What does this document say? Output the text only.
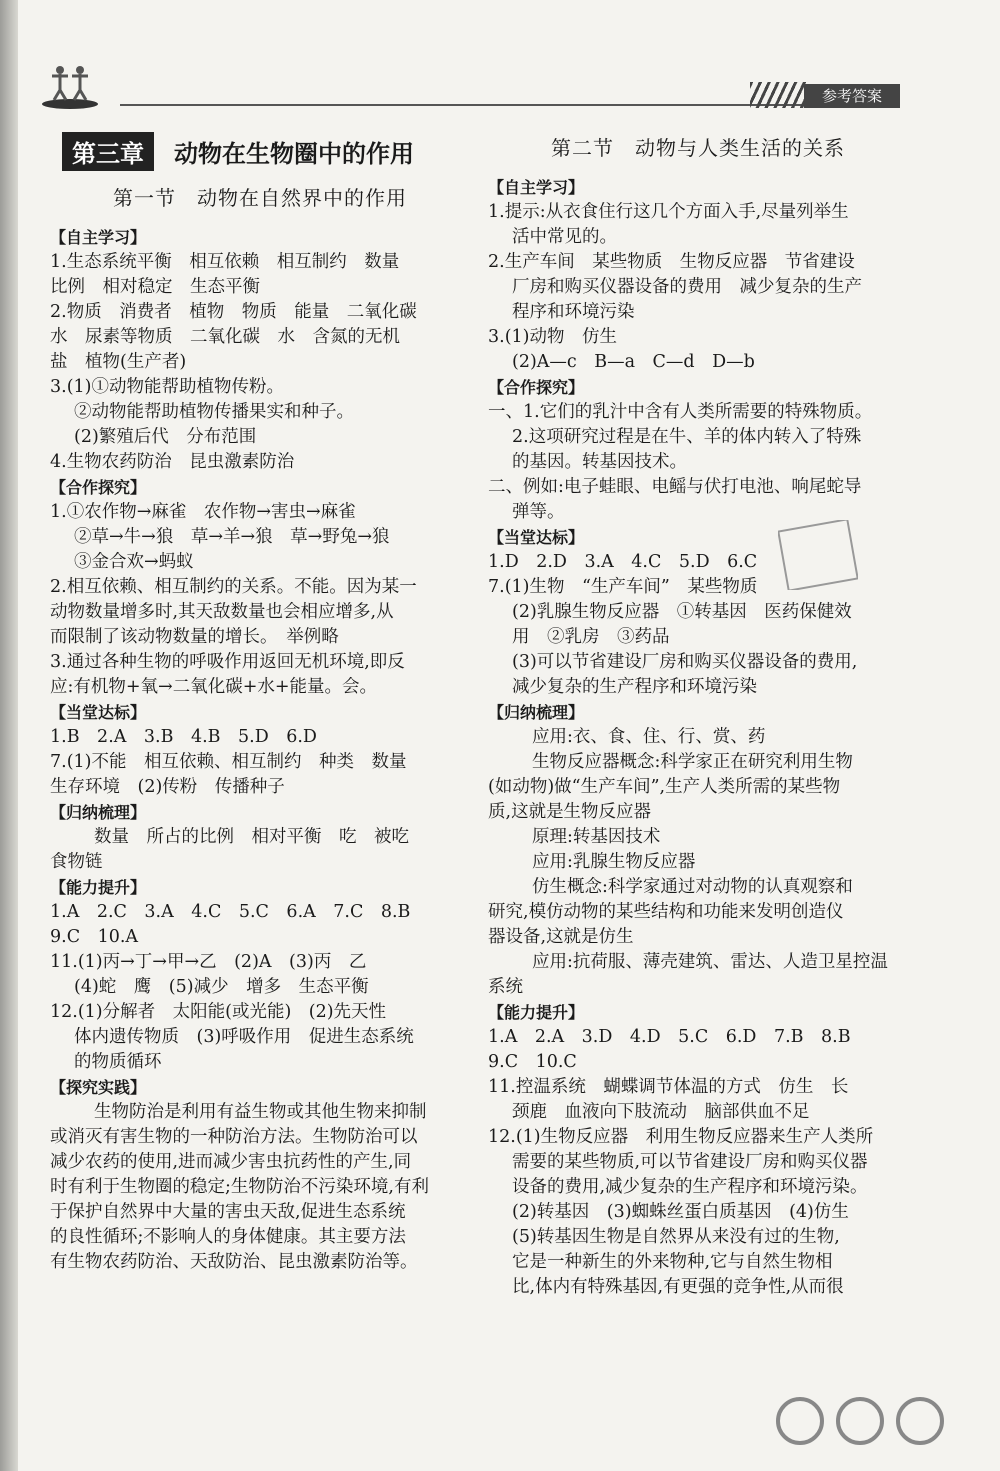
参考答案
第三章	动物在生物圈中的作用
第一节　动物在自然界中的作用
【自主学习】
1.生态系统平衡　相互依赖　相互制约　数量
比例　相对稳定　生态平衡
2.物质　消费者　植物　物质　能量　二氧化碳
水　尿素等物质　二氧化碳　水　含氮的无机
盐　植物(生产者)
3.(1)①动物能帮助植物传粉。
②动物能帮助植物传播果实和种子。
(2)繁殖后代　分布范围
4.生物农药防治　昆虫激素防治
【合作探究】
1.①农作物→麻雀　农作物→害虫→麻雀
②草→牛→狼　草→羊→狼　草→野兔→狼
③金合欢→蚂蚁
2.相互依赖、相互制约的关系。不能。因为某一
动物数量增多时,其天敌数量也会相应增多,从
而限制了该动物数量的增长。　举例略
3.通过各种生物的呼吸作用返回无机环境,即反
应:有机物+氧→二氧化碳+水+能量。会。
【当堂达标】
1.B　2.A　3.B　4.B　5.D　6.D
7.(1)不能　相互依赖、相互制约　种类　数量
生存环境　(2)传粉　传播种子
【归纳梳理】
数量　所占的比例　相对平衡　吃　被吃
食物链
【能力提升】
1.A　2.C　3.A　4.C　5.C　6.A　7.C　8.B
9.C　10.A
11.(1)丙→丁→甲→乙　(2)A　(3)丙　乙
(4)蛇　鹰　(5)减少　增多　生态平衡
12.(1)分解者　太阳能(或光能)　(2)先天性
体内遗传物质　(3)呼吸作用　促进生态系统
的物质循环
【探究实践】
生物防治是利用有益生物或其他生物来抑制
或消灭有害生物的一种防治方法。生物防治可以
减少农药的使用,进而减少害虫抗药性的产生,同
时有利于生物圈的稳定;生物防治不污染环境,有利
于保护自然界中大量的害虫天敌,促进生态系统
的良性循环;不影响人的身体健康。其主要方法
有生物农药防治、天敌防治、昆虫激素防治等。
第二节　动物与人类生活的关系
【自主学习】
1.提示:从衣食住行这几个方面入手,尽量列举生
活中常见的。
2.生产车间　某些物质　生物反应器　节省建设
厂房和购买仪器设备的费用　减少复杂的生产
程序和环境污染
3.(1)动物　仿生
(2)A—c　B—a　C—d　D—b
【合作探究】
一、1.它们的乳汁中含有人类所需要的特殊物质。
2.这项研究过程是在牛、羊的体内转入了特殊
的基因。转基因技术。
二、例如:电子蛙眼、电鳐与伏打电池、响尾蛇导
弹等。
【当堂达标】
1.D　2.D　3.A　4.C　5.D　6.C
7.(1)生物　“生产车间”　某些物质
(2)乳腺生物反应器　①转基因　医药保健效
用　②乳房　③药品
(3)可以节省建设厂房和购买仪器设备的费用,
减少复杂的生产程序和环境污染
【归纳梳理】
应用:衣、食、住、行、赏、药
生物反应器概念:科学家正在研究利用生物
(如动物)做“生产车间”,生产人类所需的某些物
质,这就是生物反应器
原理:转基因技术
应用:乳腺生物反应器
仿生概念:科学家通过对动物的认真观察和
研究,模仿动物的某些结构和功能来发明创造仪
器设备,这就是仿生
应用:抗荷服、薄壳建筑、雷达、人造卫星控温
系统
【能力提升】
1.A　2.A　3.D　4.D　5.C　6.D　7.B　8.B
9.C　10.C
11.控温系统　蝴蝶调节体温的方式　仿生　长
颈鹿　血液向下肢流动　脑部供血不足
12.(1)生物反应器　利用生物反应器来生产人类所
需要的某些物质,可以节省建设厂房和购买仪器
设备的费用,减少复杂的生产程序和环境污染。
(2)转基因　(3)蜘蛛丝蛋白质基因　(4)仿生
(5)转基因生物是自然界从来没有过的生物,
它是一种新生的外来物种,它与自然生物相
比,体内有特殊基因,有更强的竞争性,从而很
